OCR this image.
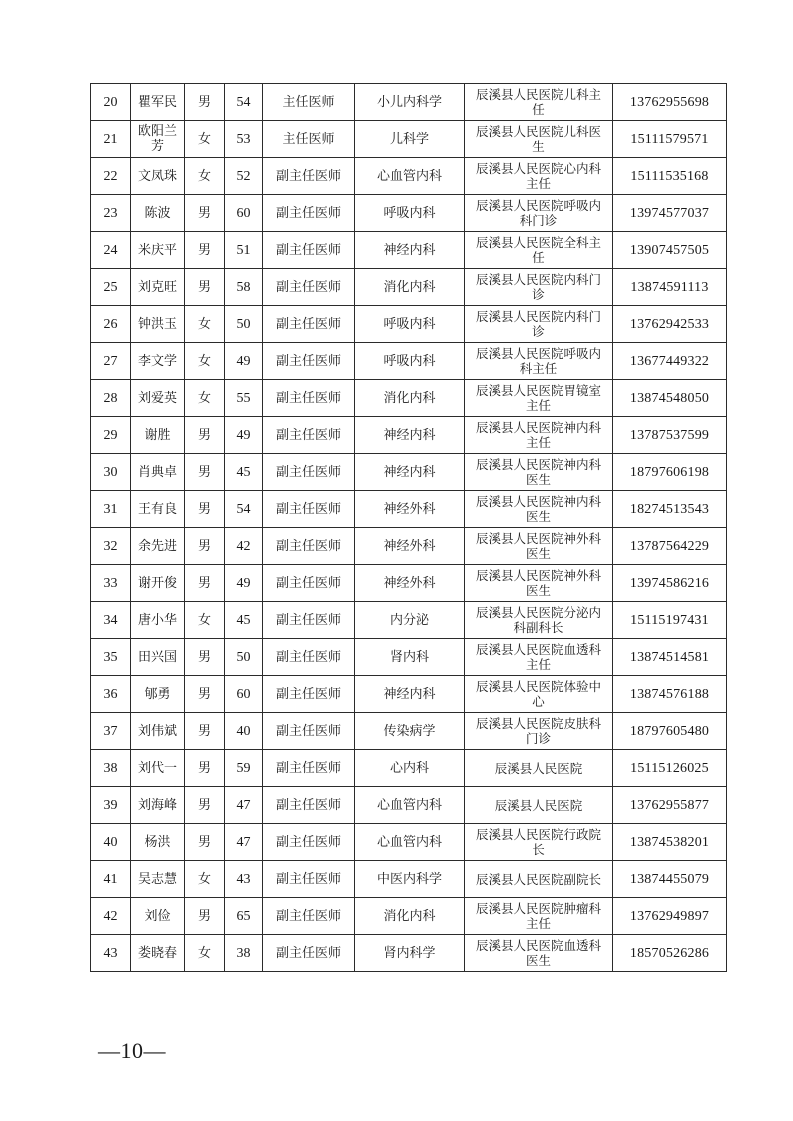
20	瞿军民	男	54	主任医师	小儿内科学	辰溪县人民医院儿科主任	13762955698
21	欧阳兰芳	女	53	主任医师	儿科学	辰溪县人民医院儿科医生	15111579571
22	文凤珠	女	52	副主任医师	心血管内科	辰溪县人民医院心内科主任	15111535168
23	陈波	男	60	副主任医师	呼吸内科	辰溪县人民医院呼吸内科门诊	13974577037
24	米庆平	男	51	副主任医师	神经内科	辰溪县人民医院全科主任	13907457505
25	刘克旺	男	58	副主任医师	消化内科	辰溪县人民医院内科门诊	13874591113
26	钟洪玉	女	50	副主任医师	呼吸内科	辰溪县人民医院内科门诊	13762942533
27	李文学	女	49	副主任医师	呼吸内科	辰溪县人民医院呼吸内科主任	13677449322
28	刘爱英	女	55	副主任医师	消化内科	辰溪县人民医院胃镜室主任	13874548050
29	谢胜	男	49	副主任医师	神经内科	辰溪县人民医院神内科主任	13787537599
30	肖典卓	男	45	副主任医师	神经内科	辰溪县人民医院神内科医生	18797606198
31	王有良	男	54	副主任医师	神经外科	辰溪县人民医院神内科医生	18274513543
32	余先进	男	42	副主任医师	神经外科	辰溪县人民医院神外科医生	13787564229
33	谢开俊	男	49	副主任医师	神经外科	辰溪县人民医院神外科医生	13974586216
34	唐小华	女	45	副主任医师	内分泌	辰溪县人民医院分泌内科副科长	15115197431
35	田兴国	男	50	副主任医师	肾内科	辰溪县人民医院血透科主任	13874514581
36	郇勇	男	60	副主任医师	神经内科	辰溪县人民医院体验中心	13874576188
37	刘伟斌	男	40	副主任医师	传染病学	辰溪县人民医院皮肤科门诊	18797605480
38	刘代一	男	59	副主任医师	心内科	辰溪县人民医院	15115126025
39	刘海峰	男	47	副主任医师	心血管内科	辰溪县人民医院	13762955877
40	杨洪	男	47	副主任医师	心血管内科	辰溪县人民医院行政院长	13874538201
41	吴志慧	女	43	副主任医师	中医内科学	辰溪县人民医院副院长	13874455079
42	刘俭	男	65	副主任医师	消化内科	辰溪县人民医院肿瘤科主任	13762949897
43	娄晓春	女	38	副主任医师	肾内科学	辰溪县人民医院血透科医生	18570526286
—10—
